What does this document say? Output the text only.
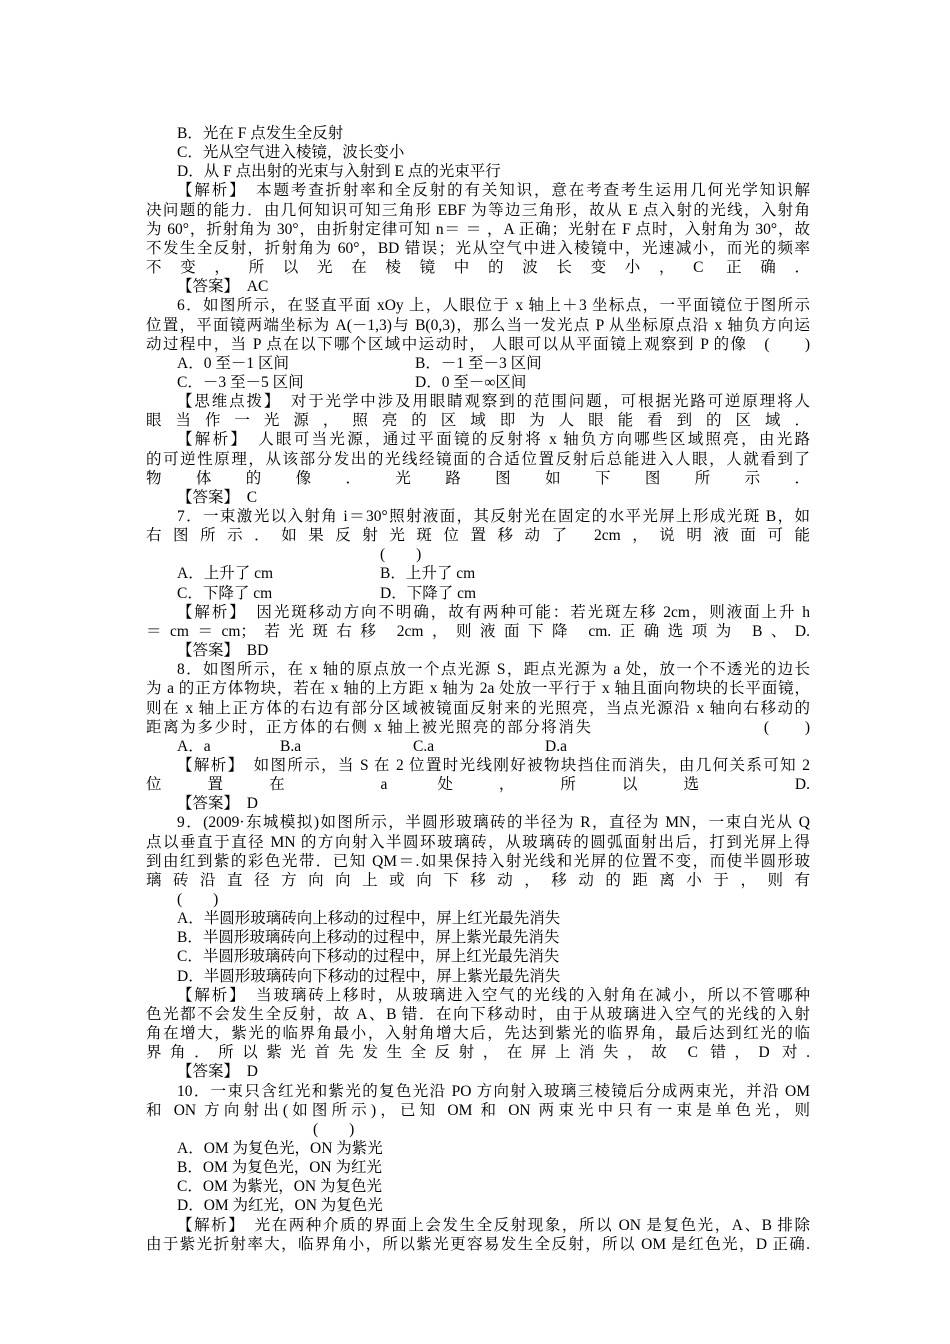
B．光在 F 点发生全反射
C．光从空气进入棱镜，波长变小
D．从 F 点出射的光束与入射到 E 点的光束平行
【解析】　本题考查折射率和全反射的有关知识，意在考查考生运用几何光学知识解
决问题的能力．由几何知识可知三角形 EBF 为等边三角形，故从 E 点入射的光线，入射角
为 60°，折射角为 30°，由折射定律可知 n＝ ＝ ，A 正确；光射在 F 点时，入射角为 30°，故
不发生全反射，折射角为 60°，BD 错误；光从空气中进入棱镜中，光速减小，而光的频率
不变，所以光在棱镜中的波长变小，C 正确．
【答案】　AC
6．如图所示，在竖直平面 xOy 上，人眼位于 x 轴上＋3 坐标点，一平面镜位于图所示
位置，平面镜两端坐标为 A(－1,3)与 B(0,3)，那么当一发光点 P 从坐标原点沿 x 轴负方向运
动过程中，当 P 点在以下哪个区域中运动时， 人眼可以从平面镜上观察到 P 的像　(　　)
A．0 至－1 区间	B．－1 至－3 区间
C．－3 至－5 区间	D．0 至－∞区间
【思维点拨】　对于光学中涉及用眼睛观察到的范围问题，可根据光路可逆原理将人
眼当作一光源，照亮的区域即为人眼能看到的区域．
【解析】　人眼可当光源，通过平面镜的反射将 x 轴负方向哪些区域照亮，由光路
的可逆性原理，从该部分发出的光线经镜面的合适位置反射后总能进入人眼，人就看到了
物体的像．光路图如下图所示．
【答案】　C
7．一束激光以入射角 i＝30°照射液面，其反射光在固定的水平光屏上形成光斑 B，如
右图所示．如果反射光斑位置移动了 2cm，说明液面可能
(　　)
A．上升了 cm	B．上升了 cm
C．下降了 cm	D．下降了 cm
【解析】　因光斑移动方向不明确，故有两种可能：若光斑左移 2cm，则液面上升 h
＝cm＝cm；若光斑右移 2cm，则液面下降 cm.正确选项为 B、D.
【答案】　BD
8．如图所示，在 x 轴的原点放一个点光源 S，距点光源为 a 处，放一个不透光的边长
为 a 的正方体物块，若在 x 轴的上方距 x 轴为 2a 处放一平行于 x 轴且面向物块的长平面镜，
则在 x 轴上正方体的右边有部分区域被镜面反射来的光照亮，当点光源沿 x 轴向右移动的
距离为多少时，正方体的右侧 x 轴上被光照亮的部分将消失　　　　　　　　　　(　　)
A．a	B.a	C.a	D.a
【解析】　如图所示，当 S 在 2 位置时光线刚好被物块挡住而消失，由几何关系可知 2
位置在 a 处，所以选 D.
【答案】　D
9．(2009·东城模拟)如图所示，半圆形玻璃砖的半径为 R，直径为 MN，一束白光从 Q
点以垂直于直径 MN 的方向射入半圆环玻璃砖，从玻璃砖的圆弧面射出后，打到光屏上得
到由红到紫的彩色光带．已知 QM＝.如果保持入射光线和光屏的位置不变，而使半圆形玻
璃砖沿直径方向向上或向下移动，移动的距离小于，则有
(　　)
A．半圆形玻璃砖向上移动的过程中，屏上红光最先消失
B．半圆形玻璃砖向上移动的过程中，屏上紫光最先消失
C．半圆形玻璃砖向下移动的过程中，屏上红光最先消失
D．半圆形玻璃砖向下移动的过程中，屏上紫光最先消失
【解析】　当玻璃砖上移时，从玻璃进入空气的光线的入射角在减小，所以不管哪种
色光都不会发生全反射，故 A、B 错．在向下移动时，由于从玻璃进入空气的光线的入射
角在增大，紫光的临界角最小，入射角增大后，先达到紫光的临界角，最后达到红光的临
界角．所以紫光首先发生全反射，在屏上消失，故 C 错，D 对.
【答案】　D
10．一束只含红光和紫光的复色光沿 PO 方向射入玻璃三棱镜后分成两束光，并沿 OM
和 ON 方向射出(如图所示)，已知 OM 和 ON 两束光中只有一束是单色光，则
(　　)
A．OM 为复色光，ON 为紫光
B．OM 为复色光，ON 为红光
C．OM 为紫光，ON 为复色光
D．OM 为红光，ON 为复色光
【解析】　光在两种介质的界面上会发生全反射现象，所以 ON 是复色光，A、B 排除
由于紫光折射率大，临界角小，所以紫光更容易发生全反射，所以 OM 是红色光，D 正确.
